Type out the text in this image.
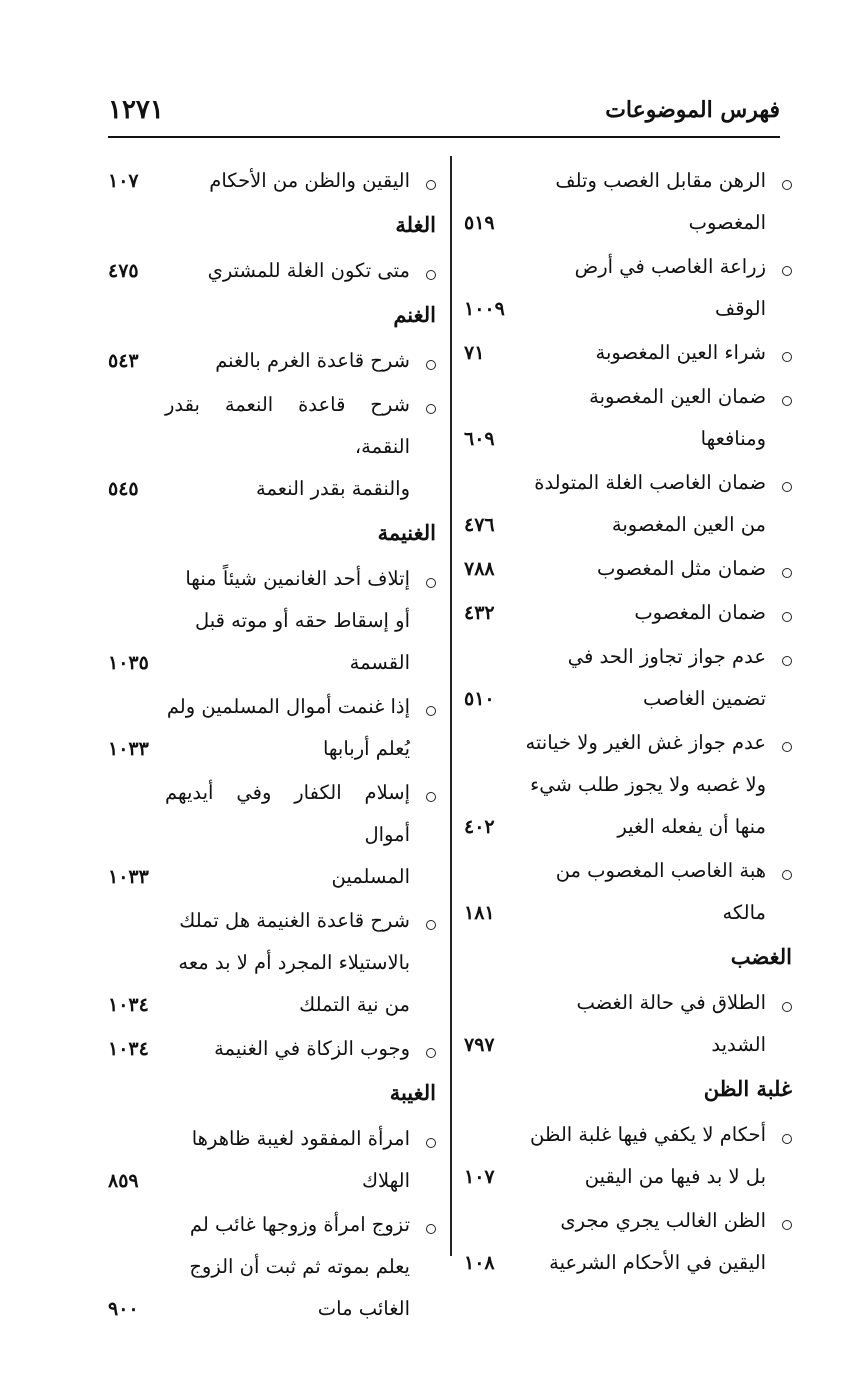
فهرس الموضوعات
١٢٧١
الرهن مقابل الغصب وتلف
المغصوب
٥١٩
زراعة الغاصب في أرض
الوقف
١٠٠٩
شراء العين المغصوبة
٧١
ضمان العين المغصوبة
ومنافعها
٦٠٩
ضمان الغاصب الغلة المتولدة
من العين المغصوبة
٤٧٦
ضمان مثل المغصوب
٧٨٨
ضمان المغصوب
٤٣٢
عدم جواز تجاوز الحد في
تضمين الغاصب
٥١٠
عدم جواز غش الغير ولا خيانته
ولا غصبه ولا يجوز طلب شيء
منها أن يفعله الغير
٤٠٢
هبة الغاصب المغصوب من
مالكه
١٨١
الغضب
الطلاق في حالة الغضب
الشديد
٧٩٧
غلبة الظن
أحكام لا يكفي فيها غلبة الظن
بل لا بد فيها من اليقين
١٠٧
الظن الغالب يجري مجرى
اليقين في الأحكام الشرعية
١٠٨
اليقين والظن من الأحكام
١٠٧
الغلة
متى تكون الغلة للمشتري
٤٧٥
الغنم
شرح قاعدة الغرم بالغنم
٥٤٣
شرح قاعدة النعمة بقدر النقمة،
والنقمة بقدر النعمة
٥٤٥
الغنيمة
إتلاف أحد الغانمين شيئاً منها
أو إسقاط حقه أو موته قبل
القسمة
١٠٣٥
إذا غنمت أموال المسلمين ولم
يُعلم أربابها
١٠٣٣
إسلام الكفار وفي أيديهم أموال
المسلمين
١٠٣٣
شرح قاعدة الغنيمة هل تملك
بالاستيلاء المجرد أم لا بد معه
من نية التملك
١٠٣٤
وجوب الزكاة في الغنيمة
١٠٣٤
الغيبة
امرأة المفقود لغيبة ظاهرها
الهلاك
٨٥٩
تزوج امرأة وزوجها غائب لم
يعلم بموته ثم ثبت أن الزوج
الغائب مات
٩٠٠
